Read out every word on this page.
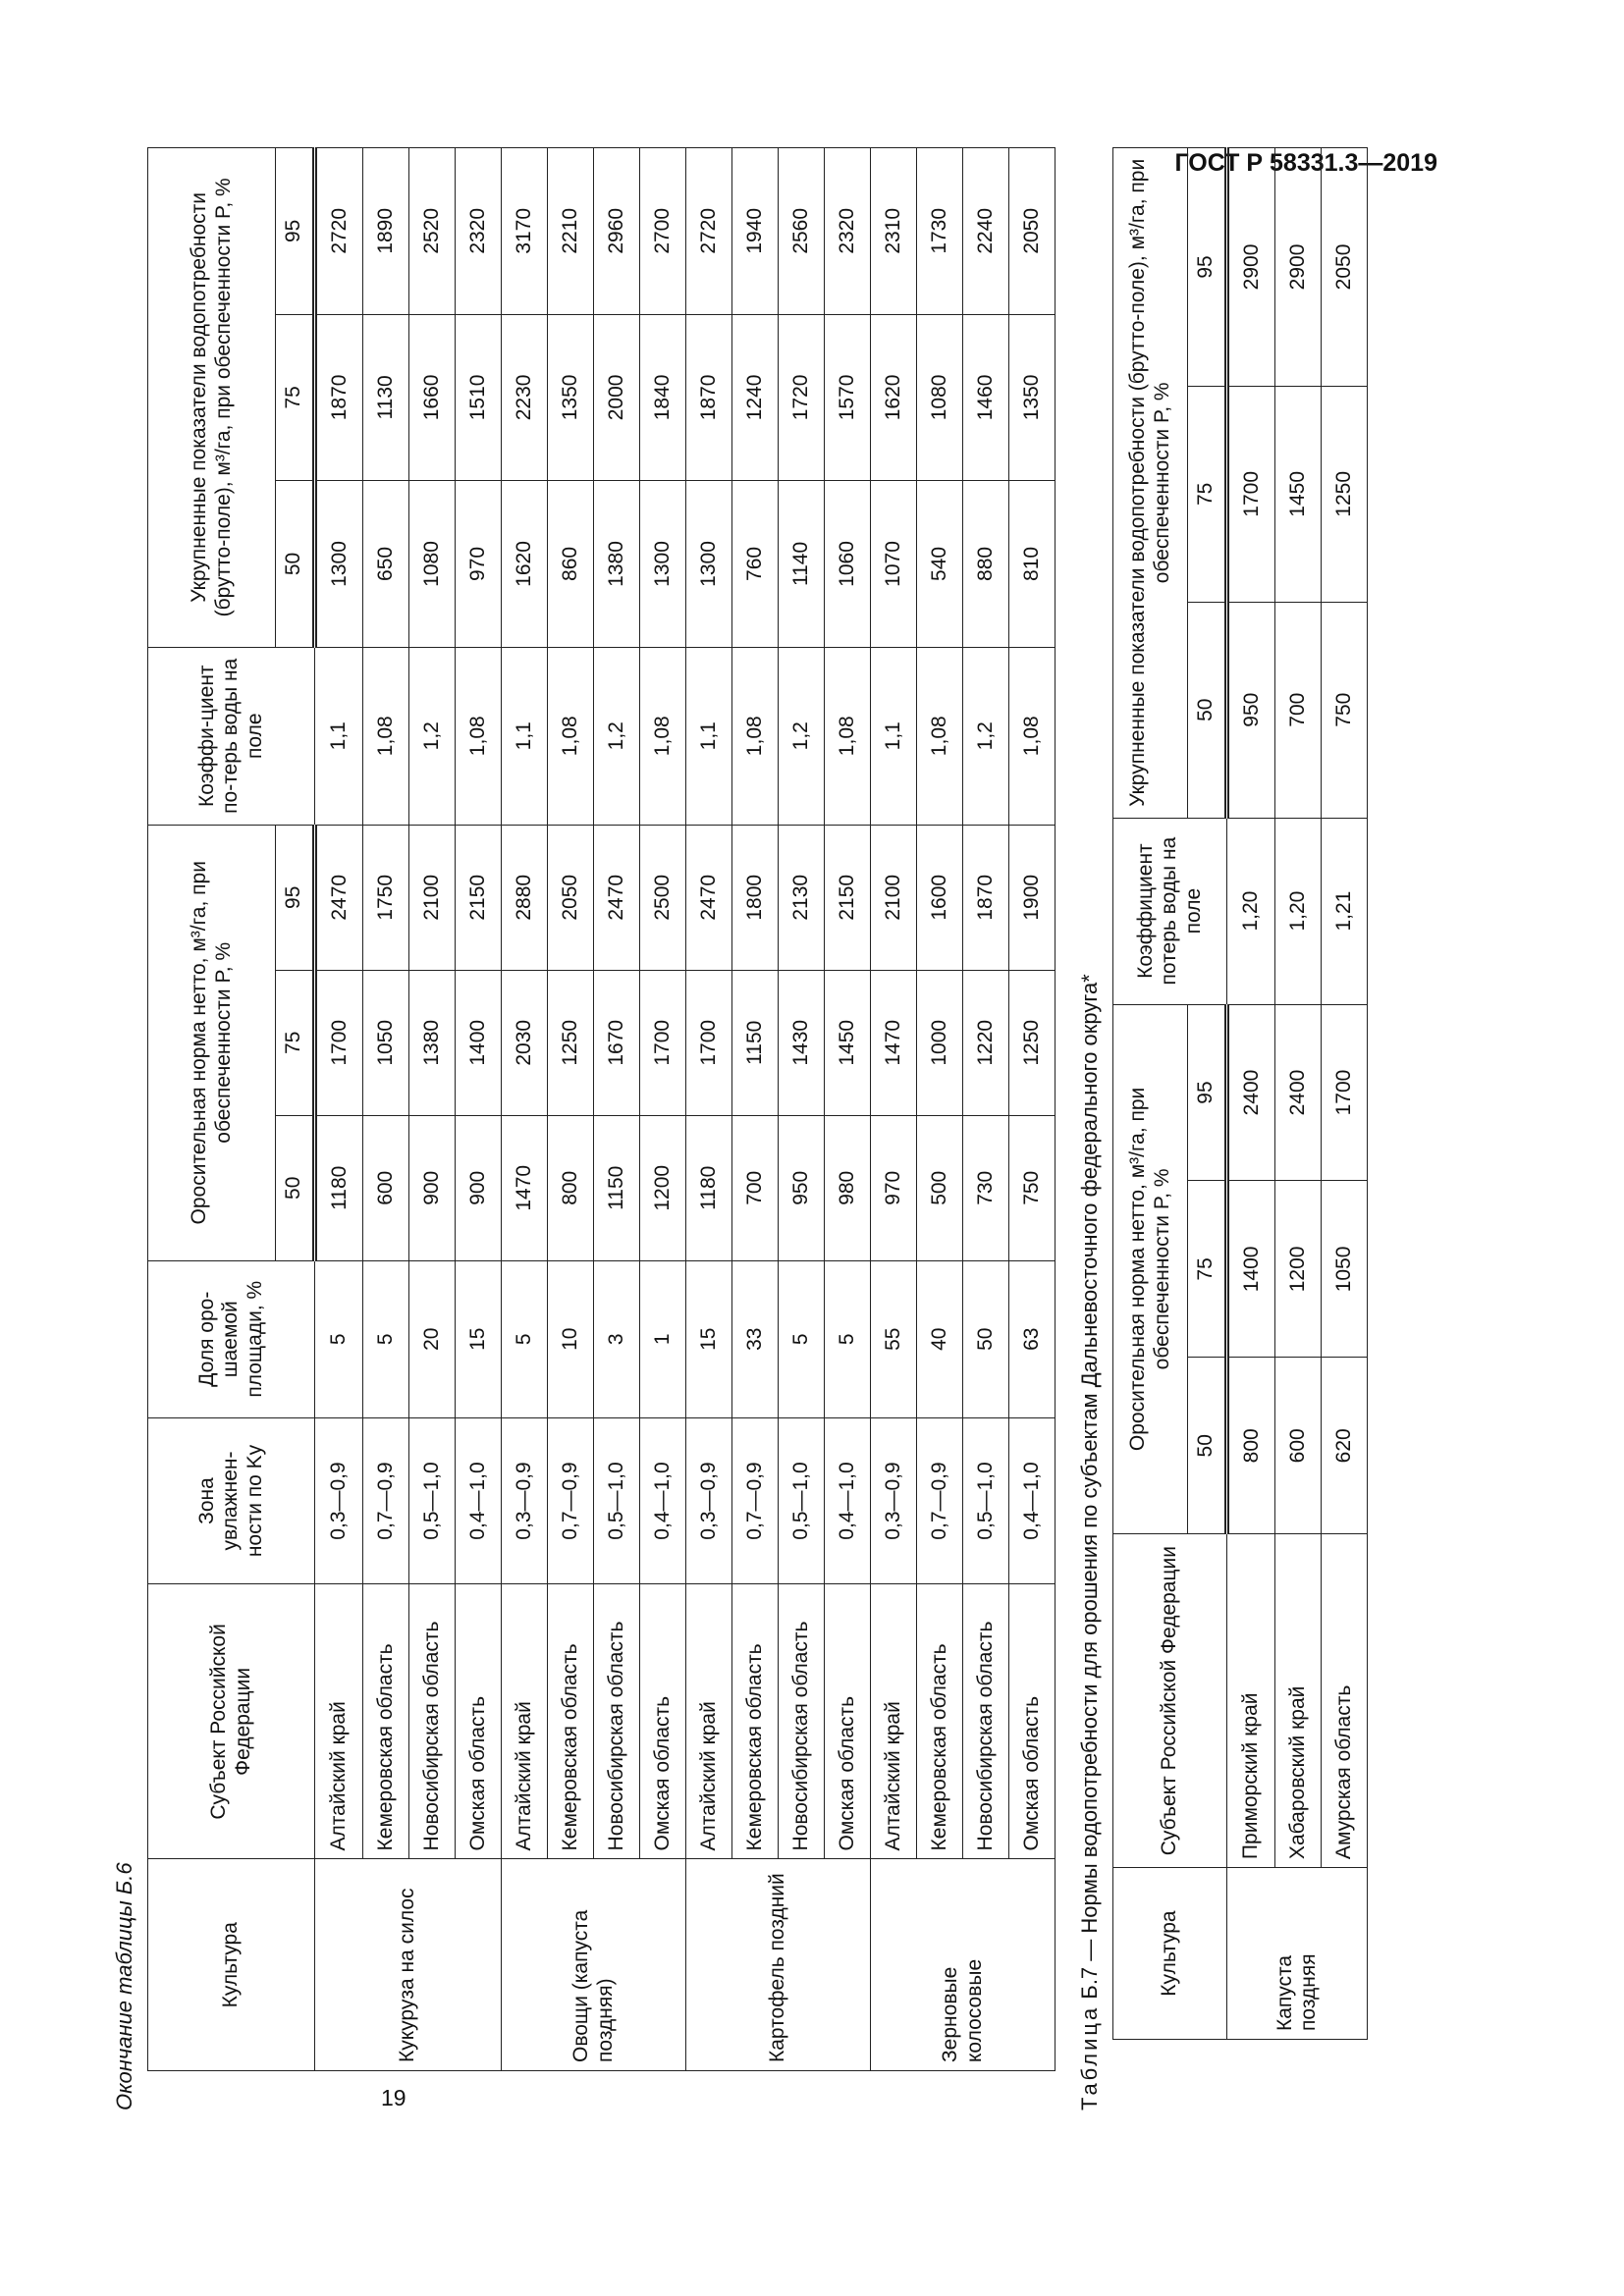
ГОСТ Р 58331.3—2019
Окончание таблицы Б.6	Культура	Субъект Российской Федерации	Зона увлажнен-ности по Kу	Доля оро-шаемой площади, %	Оросительная норма нетто, м³/га, при обеспеченности P, %			Коэффи-циент по-терь воды на поле	Укрупненные показатели водопотребности (брутто-поле), м³/га, при обеспеченности P, %		
				50	75	95		50	75	95
Кукуруза на силос	Алтайский край	0,3—0,9	5	1180	1700	2470	1,1	1300	1870	2720
	Кемеровская область	0,7—0,9	5	600	1050	1750	1,08	650	1130	1890
	Новосибирская область	0,5—1,0	20	900	1380	2100	1,2	1080	1660	2520
	Омская область	0,4—1,0	15	900	1400	2150	1,08	970	1510	2320
Овощи (капуста поздняя)	Алтайский край	0,3—0,9	5	1470	2030	2880	1,1	1620	2230	3170
	Кемеровская область	0,7—0,9	10	800	1250	2050	1,08	860	1350	2210
	Новосибирская область	0,5—1,0	3	1150	1670	2470	1,2	1380	2000	2960
	Омская область	0,4—1,0	1	1200	1700	2500	1,08	1300	1840	2700
Картофель поздний	Алтайский край	0,3—0,9	15	1180	1700	2470	1,1	1300	1870	2720
	Кемеровская область	0,7—0,9	33	700	1150	1800	1,08	760	1240	1940
	Новосибирская область	0,5—1,0	5	950	1430	2130	1,2	1140	1720	2560
	Омская область	0,4—1,0	5	980	1450	2150	1,08	1060	1570	2320
Зерновые колосовые	Алтайский край	0,3—0,9	55	970	1470	2100	1,1	1070	1620	2310
	Кемеровская область	0,7—0,9	40	500	1000	1600	1,08	540	1080	1730
	Новосибирская область	0,5—1,0	50	730	1220	1870	1,2	880	1460	2240
	Омская область	0,4—1,0	63	750	1250	1900	1,08	810	1350	2050
Таблица Б.7 — Нормы водопотребности для орошения по субъектам Дальневосточного федерального округа*	Культура	Субъект Российской Федерации	Оросительная норма нетто, м³/га, при обеспеченности P, %			Коэффициент потерь воды на поле	Укрупненные показатели водопотребности (брутто-поле), м³/га, при обеспеченности P, %		
		50	75	95		50	75	95
Капуста поздняя	Приморский край	800	1400	2400	1,20	950	1700	2900
	Хабаровский край	600	1200	2400	1,20	700	1450	2900
	Амурская область	620	1050	1700	1,21	750	1250	2050
19
